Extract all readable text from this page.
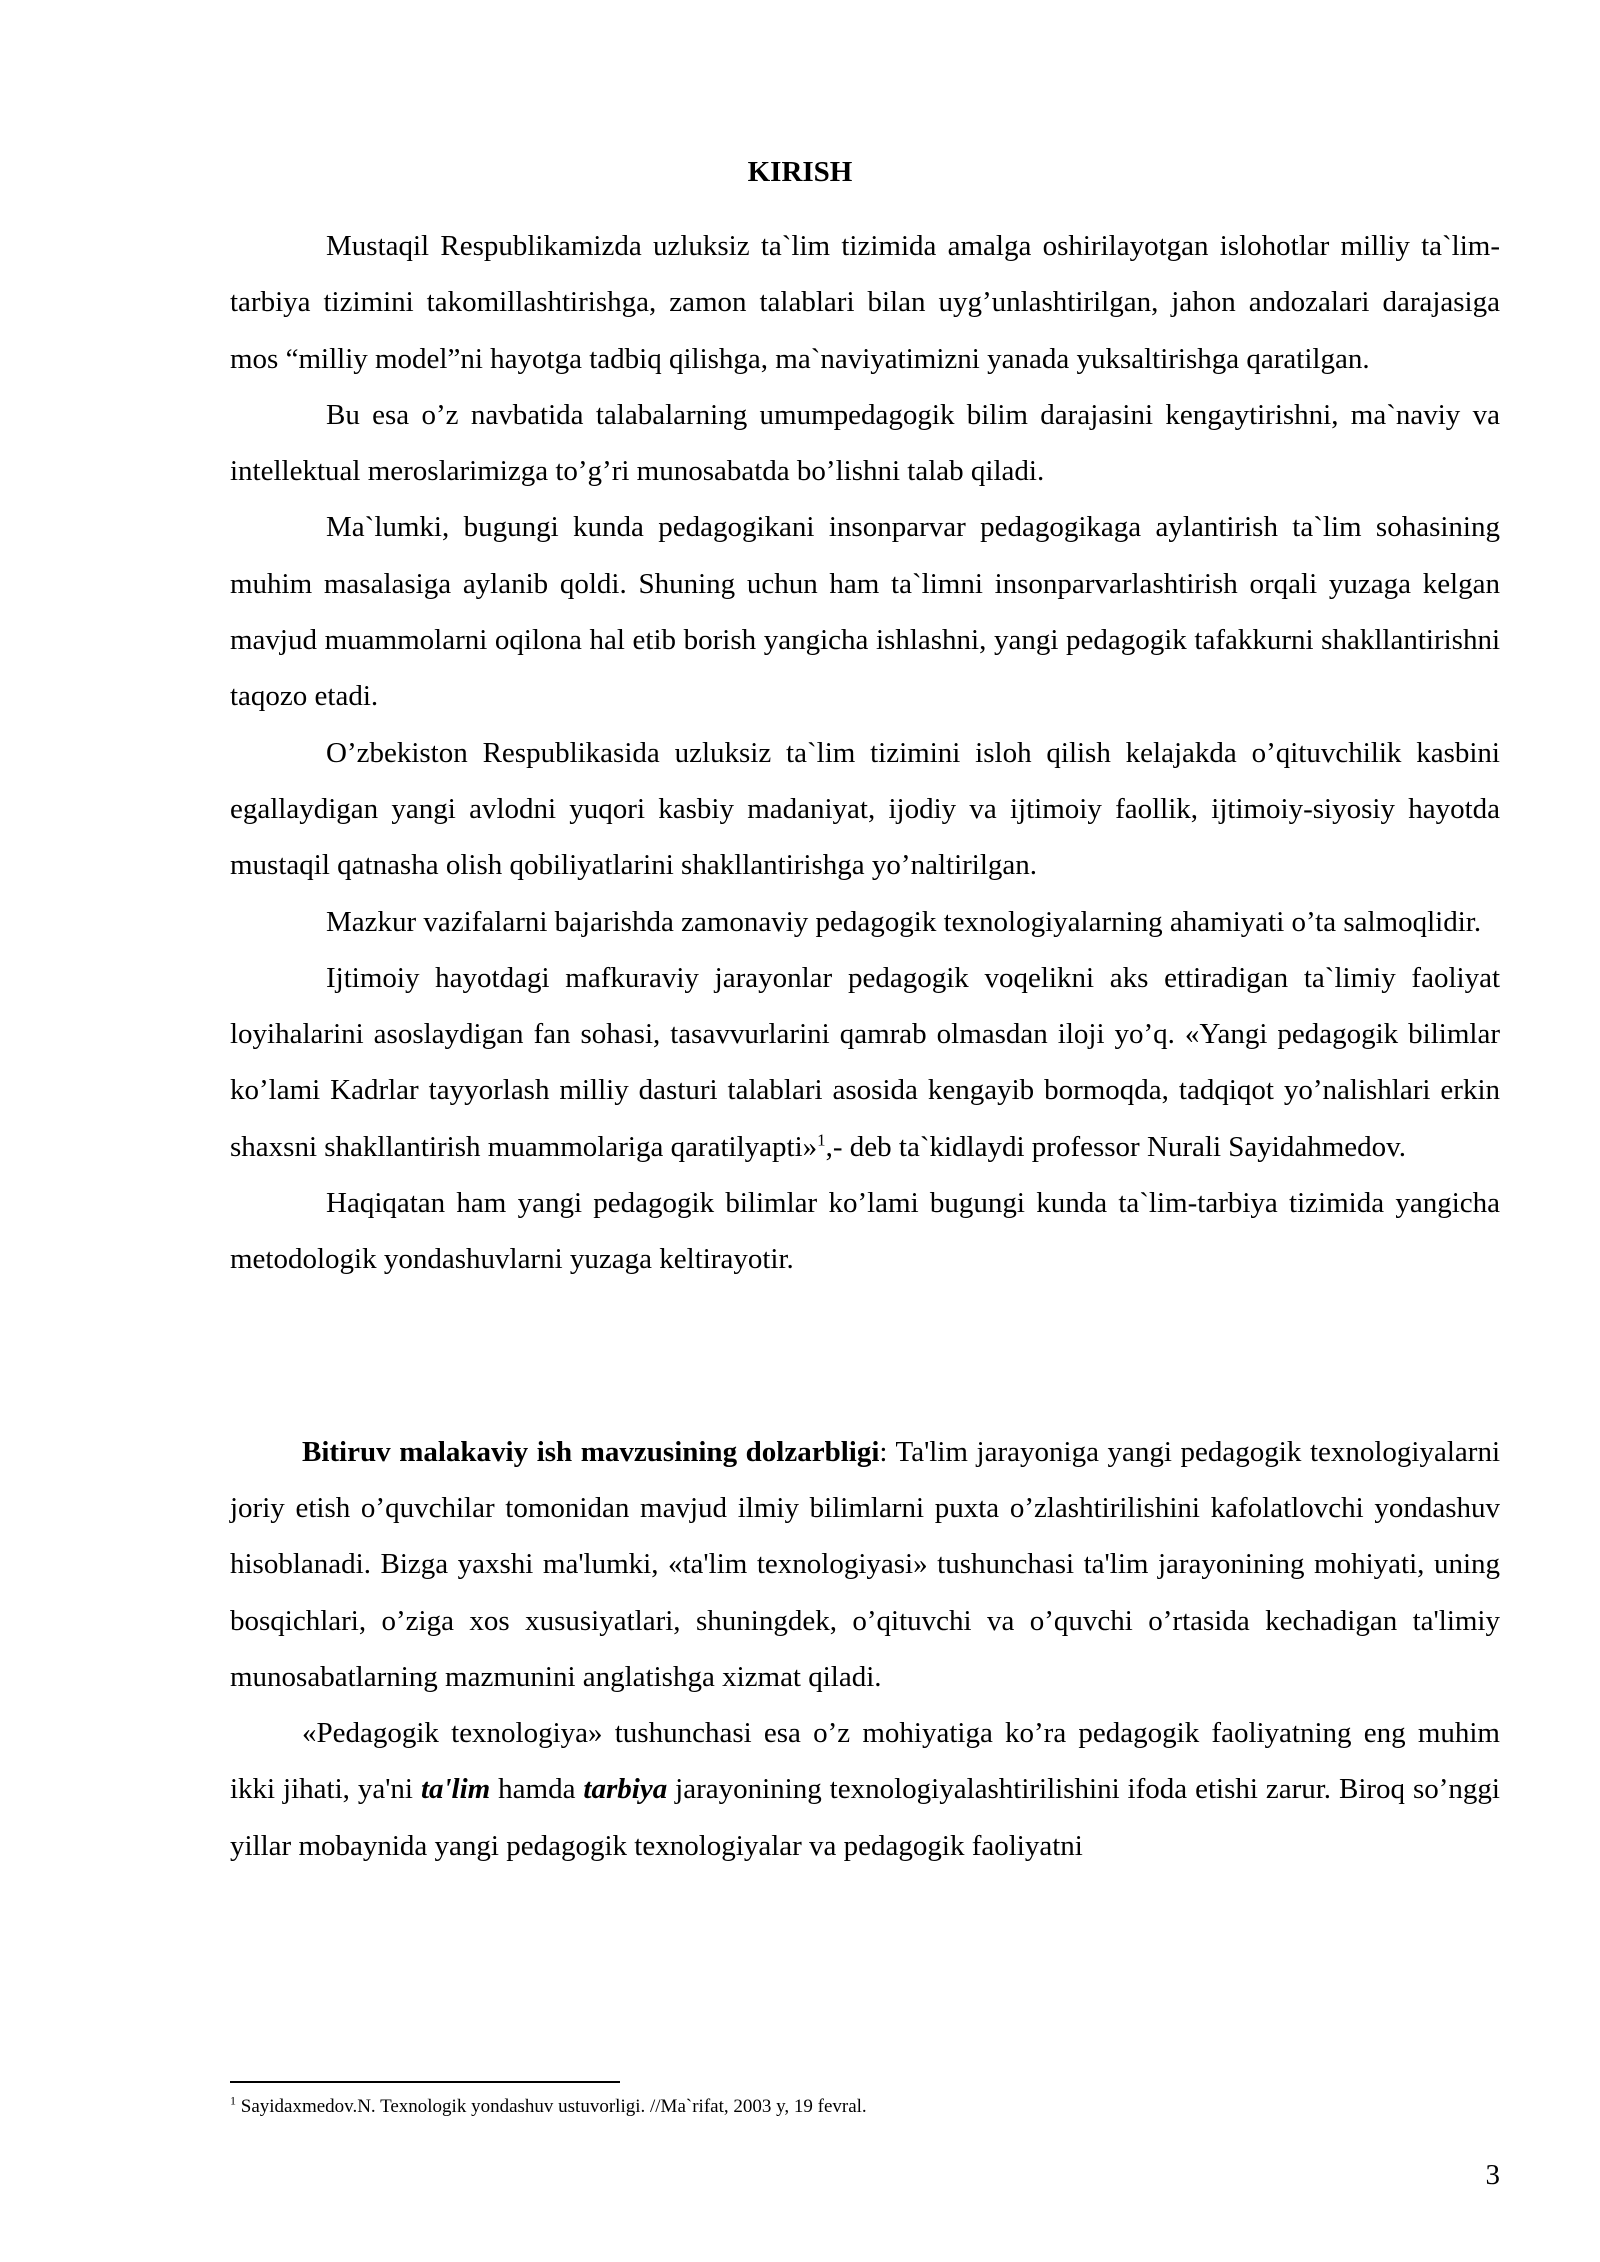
KIRISH

Mustaqil Respublikamizda uzluksiz ta`lim tizimida amalga oshirilayotgan islohotlar milliy ta`lim-tarbiya tizimini takomillashtirishga, zamon talablari bilan uyg’unlashtirilgan, jahon andozalari darajasiga mos “milliy model”ni hayotga tadbiq qilishga, ma`naviyatimizni yanada yuksaltirishga qaratilgan.

Bu esa o’z navbatida talabalarning umumpedagogik bilim darajasini kengaytirishni, ma`naviy va intellektual meroslarimizga to’g’ri munosabatda bo’lishni talab qiladi.

Ma`lumki, bugungi kunda pedagogikani insonparvar pedagogikaga aylantirish ta`lim sohasining muhim masalasiga aylanib qoldi. Shuning uchun ham ta`limni insonparvarlashtirish orqali yuzaga kelgan mavjud muammolarni oqilona hal etib borish yangicha ishlashni, yangi pedagogik tafakkurni shakllantirishni taqozo etadi.

O’zbekiston Respublikasida uzluksiz ta`lim tizimini isloh qilish kelajakda o’qituvchilik kasbini egallaydigan yangi avlodni yuqori kasbiy madaniyat, ijodiy va ijtimoiy faollik, ijtimoiy-siyosiy hayotda mustaqil qatnasha olish qobiliyatlarini shakllantirishga yo’naltirilgan.

Mazkur vazifalarni bajarishda zamonaviy pedagogik texnologiyalarning ahamiyati o’ta salmoqlidir.

Ijtimoiy hayotdagi mafkuraviy jarayonlar pedagogik voqelikni aks ettiradigan ta`limiy faoliyat loyihalarini asoslaydigan fan sohasi, tasavvurlarini qamrab olmasdan iloji yo’q. «Yangi pedagogik bilimlar ko’lami Kadrlar tayyorlash milliy dasturi talablari asosida kengayib bormoqda, tadqiqot yo’nalishlari erkin shaxsni shakllantirish muammolariga qaratilyapti»$^1$,- deb ta`kidlaydi professor Nurali Sayidahmedov.

Haqiqatan ham yangi pedagogik bilimlar ko’lami bugungi kunda ta`lim-tarbiya tizimida yangicha metodologik yondashuvlarni yuzaga keltirayotir.

Bitiruv malakaviy ish mavzusining dolzarbligi: Ta'lim jarayoniga yangi pedagogik texnologiyalarni joriy etish o’quvchilar tomonidan mavjud ilmiy bilimlarni puxta o’zlashtirilishini kafolatlovchi yondashuv hisoblanadi. Bizga yaxshi ma'lumki, «ta'lim texnologiyasi» tushunchasi ta'lim jarayonining mohiyati, uning bosqichlari, o’ziga xos xususiyatlari, shuningdek, o’qituvchi va o’quvchi o’rtasida kechadigan ta'limiy munosabatlarning mazmunini anglatishga xizmat qiladi.

«Pedagogik texnologiya» tushunchasi esa o’z mohiyatiga ko’ra pedagogik faoliyatning eng muhim ikki jihati, ya'ni ta'lim hamda tarbiya jarayonining texnologiyalashtirilishini ifoda etishi zarur. Biroq so’nggi yillar mobaynida yangi pedagogik texnologiyalar va pedagogik faoliyatni

$^1$ Sayidaxmedov.N. Texnologik yondashuv ustuvorligi. //Ma`rifat, 2003 y, 19 fevral.
3
